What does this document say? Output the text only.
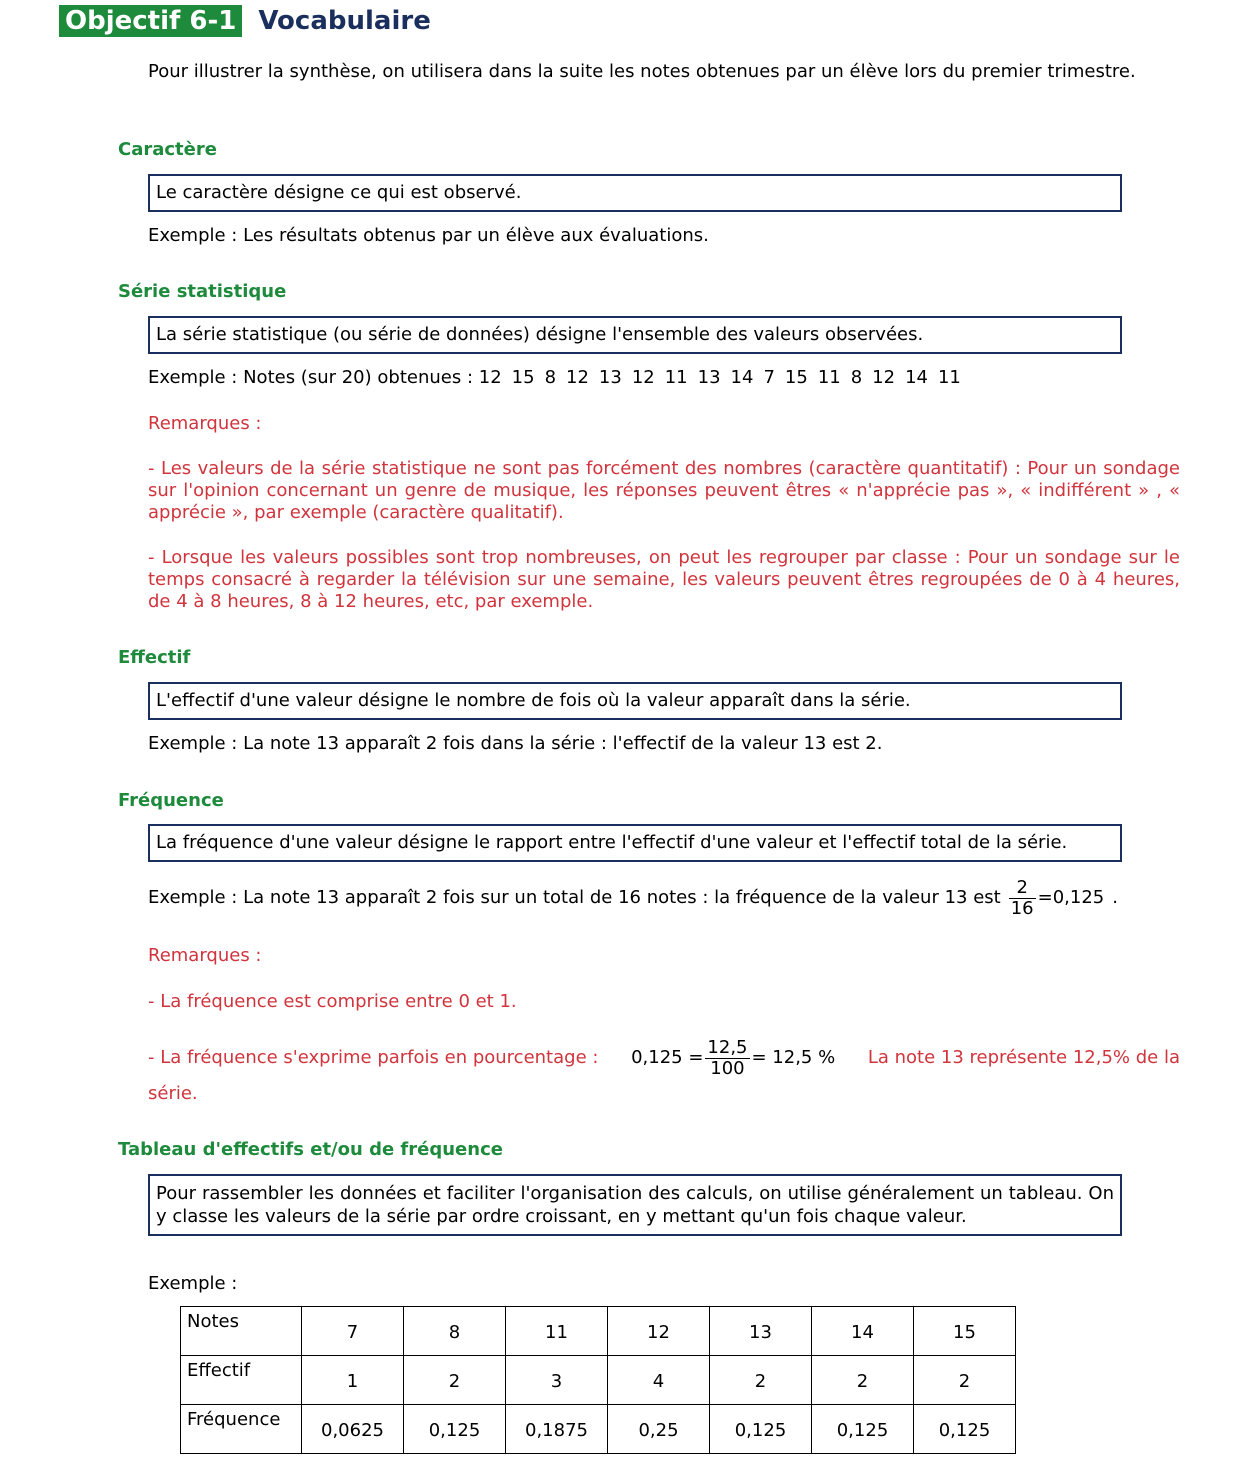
Objectif 6-1 Vocabulaire
Pour illustrer la synthèse, on utilisera dans la suite les notes obtenues par un élève lors du premier trimestre.
Caractère
Le caractère désigne ce qui est observé.
Exemple : Les résultats obtenus par un élève aux évaluations.
Série statistique
La série statistique (ou série de données) désigne l'ensemble des valeurs observées.
Exemple : Notes (sur 20) obtenues : 12 15 8 12 13 12 11 13 14 7 15 11 8 12 14 11
Remarques :
- Les valeurs de la série statistique ne sont pas forcément des nombres (caractère quantitatif) : Pour un sondage sur l'opinion concernant un genre de musique, les réponses peuvent êtres « n'apprécie pas », « indifférent » , « apprécie », par exemple (caractère qualitatif).
- Lorsque les valeurs possibles sont trop nombreuses, on peut les regrouper par classe : Pour un sondage sur le temps consacré à regarder la télévision sur une semaine, les valeurs peuvent êtres regroupées de 0 à 4 heures, de 4 à 8 heures, 8 à 12 heures, etc, par exemple.
Effectif
L'effectif d'une valeur désigne le nombre de fois où la valeur apparaît dans la série.
Exemple : La note 13 apparaît 2 fois dans la série : l'effectif de la valeur 13 est 2.
Fréquence
La fréquence d'une valeur désigne le rapport entre l'effectif d'une valeur et l'effectif total de la série.
Exemple : La note 13 apparaît 2 fois sur un total de 16 notes : la fréquence de la valeur 13 est $\frac{2}{16} =0,125$ .
Remarques :
- La fréquence est comprise entre 0 et 1.
- La fréquence s'exprime parfois en pourcentage : $0,125 = \frac{12,5}{100} = 12,5$ % La note 13 représente 12,5% de la
série.
Tableau d'effectifs et/ou de fréquence
Pour rassembler les données et faciliter l'organisation des calculs, on utilise généralement un tableau. On y classe les valeurs de la série par ordre croissant, en y mettant qu'un fois chaque valeur.
Exemple :
Notes	7	8	11	12	13	14	15
Effectif	1	2	3	4	2	2	2
Fréquence	0,0625	0,125	0,1875	0,25	0,125	0,125	0,125
